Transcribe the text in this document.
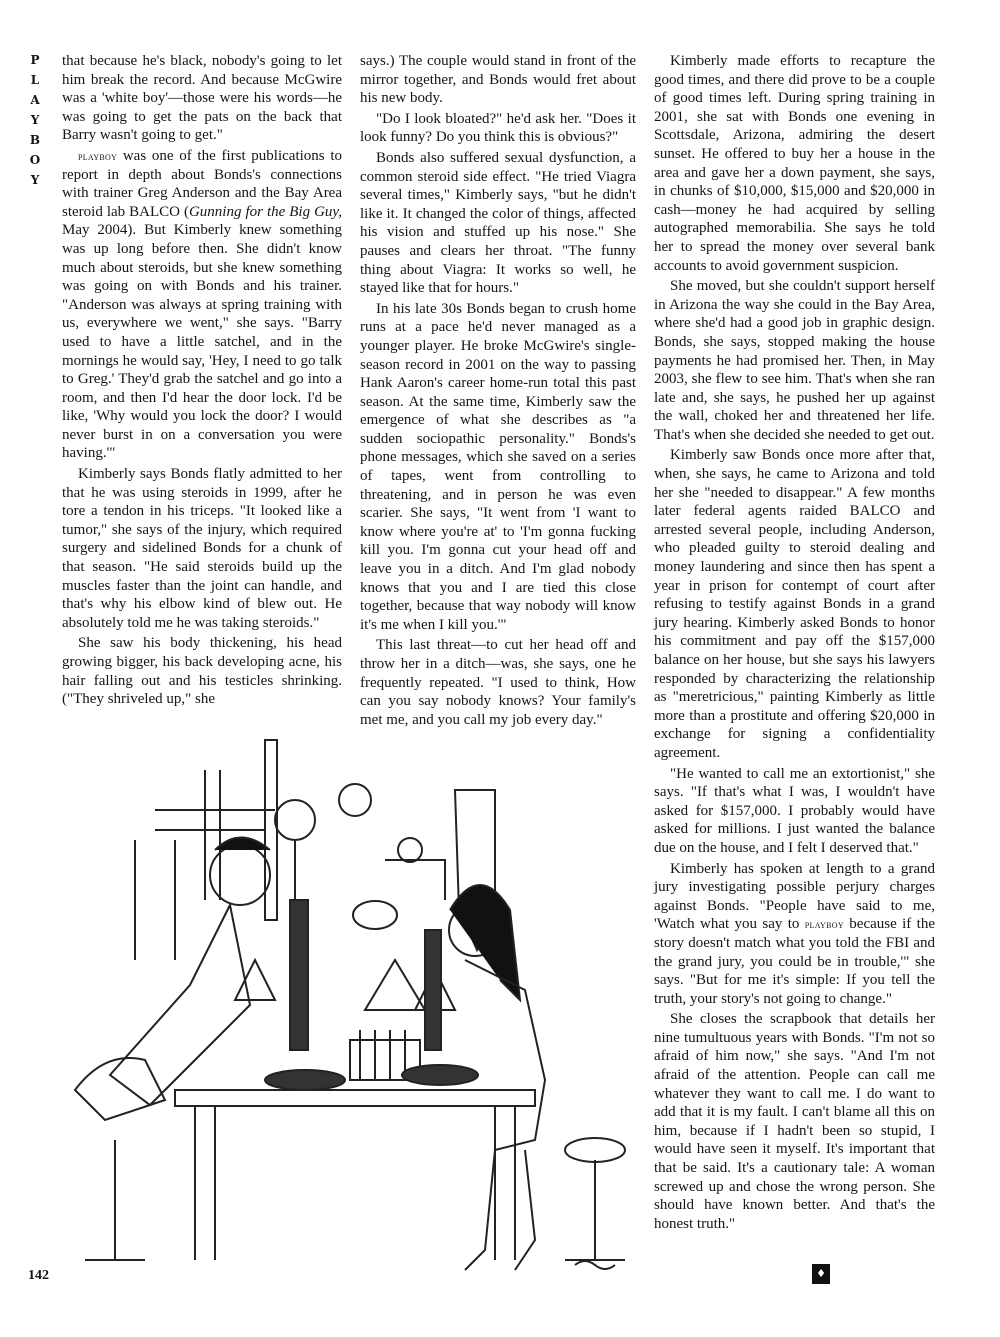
P
L
A
Y
B
O
Y

that because he's black, nobody's going to let him break the record. And because McGwire was a 'white boy'—those were his words—he was going to get the pats on the back that Barry wasn't going to get."

playboy was one of the first publications to report in depth about Bonds's connections with trainer Greg Anderson and the Bay Area steroid lab BALCO (Gunning for the Big Guy, May 2004). But Kimberly knew something was up long before then. She didn't know much about steroids, but she knew something was going on with Bonds and his trainer. "Anderson was always at spring training with us, everywhere we went," she says. "Barry used to have a little satchel, and in the mornings he would say, 'Hey, I need to go talk to Greg.' They'd grab the satchel and go into a room, and then I'd hear the door lock. I'd be like, 'Why would you lock the door? I would never burst in on a conversation you were having.'"

Kimberly says Bonds flatly admitted to her that he was using steroids in 1999, after he tore a tendon in his triceps. "It looked like a tumor," she says of the injury, which required surgery and sidelined Bonds for a chunk of that season. "He said steroids build up the muscles faster than the joint can handle, and that's why his elbow kind of blew out. He absolutely told me he was taking steroids."

She saw his body thickening, his head growing bigger, his back developing acne, his hair falling out and his testicles shrinking. ("They shriveled up," she

says.) The couple would stand in front of the mirror together, and Bonds would fret about his new body.

"Do I look bloated?" he'd ask her. "Does it look funny? Do you think this is obvious?"

Bonds also suffered sexual dysfunction, a common steroid side effect. "He tried Viagra several times," Kimberly says, "but he didn't like it. It changed the color of things, affected his vision and stuffed up his nose." She pauses and clears her throat. "The funny thing about Viagra: It works so well, he stayed like that for hours."

In his late 30s Bonds began to crush home runs at a pace he'd never managed as a younger player. He broke McGwire's single-season record in 2001 on the way to passing Hank Aaron's career home-run total this past season. At the same time, Kimberly saw the emergence of what she describes as "a sudden sociopathic personality." Bonds's phone messages, which she saved on a series of tapes, went from controlling to threatening, and in person he was even scarier. She says, "It went from 'I want to know where you're at' to 'I'm gonna fucking kill you. I'm gonna cut your head off and leave you in a ditch. And I'm glad nobody knows that you and I are tied this close together, because that way nobody will know it's me when I kill you.'"

This last threat—to cut her head off and throw her in a ditch—was, she says, one he frequently repeated. "I used to think, How can you say nobody knows? Your family's met me, and you call my job every day."

Kimberly made efforts to recapture the good times, and there did prove to be a couple of good times left. During spring training in 2001, she sat with Bonds one evening in Scottsdale, Arizona, admiring the desert sunset. He offered to buy her a house in the area and gave her a down payment, she says, in chunks of $10,000, $15,000 and $20,000 in cash—money he had acquired by selling autographed memorabilia. She says he told her to spread the money over several bank accounts to avoid government suspicion.

She moved, but she couldn't support herself in Arizona the way she could in the Bay Area, where she'd had a good job in graphic design. Bonds, she says, stopped making the house payments he had promised her. Then, in May 2003, she flew to see him. That's when she ran late and, she says, he pushed her up against the wall, choked her and threatened her life. That's when she decided she needed to get out.

Kimberly saw Bonds once more after that, when, she says, he came to Arizona and told her she "needed to disappear." A few months later federal agents raided BALCO and arrested several people, including Anderson, who pleaded guilty to steroid dealing and money laundering and since then has spent a year in prison for contempt of court after refusing to testify against Bonds in a grand jury hearing. Kimberly asked Bonds to honor his commitment and pay off the $157,000 balance on her house, but she says his lawyers responded by characterizing the relationship as "meretricious," painting Kimberly as little more than a prostitute and offering $20,000 in exchange for signing a confidentiality agreement.

"He wanted to call me an extortionist," she says. "If that's what I was, I wouldn't have asked for $157,000. I probably would have asked for millions. I just wanted the balance due on the house, and I felt I deserved that."

Kimberly has spoken at length to a grand jury investigating possible perjury charges against Bonds. "People have said to me, 'Watch what you say to playboy because if the story doesn't match what you told the FBI and the grand jury, you could be in trouble,'" she says. "But for me it's simple: If you tell the truth, your story's not going to change."

She closes the scrapbook that details her nine tumultuous years with Bonds. "I'm not so afraid of him now," she says. "And I'm not afraid of the attention. People can call me whatever they want to call me. I do want to add that it is my fault. I can't blame all this on him, because if I hadn't been so stupid, I would have seen it myself. It's important that that be said. It's a cautionary tale: A woman screwed up and chose the wrong person. She should have known better. And that's the honest truth."

142	♦
